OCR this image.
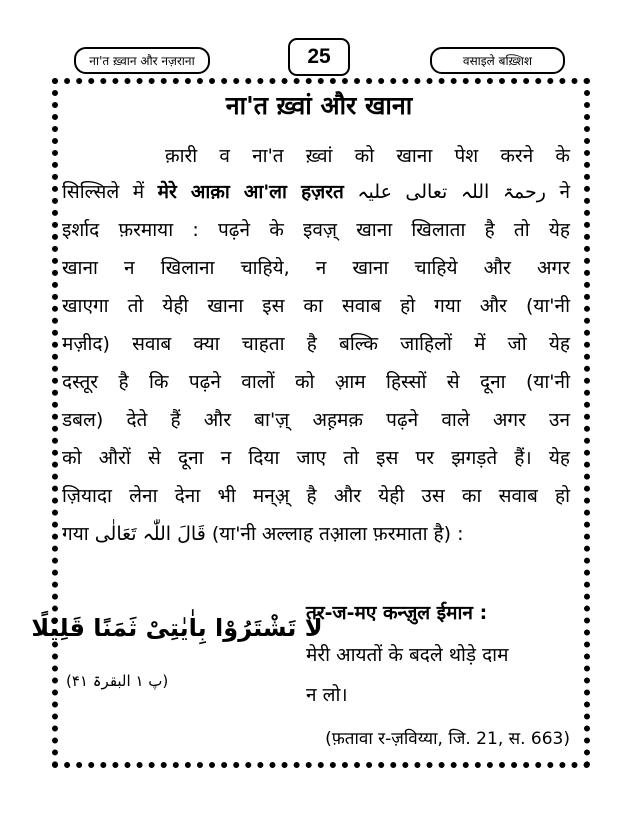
ना'त ख़्वान और नज़राना	25	वसाइले बख़्शिश
ना'त ख़्वां और खाना
क़ारी व ना'त ख़्वां को खाना पेश करने के
सिल्सिले में मेरे आक़ा आ'ला हज़रत رحمۃ اللہ تعالی علیہ ने
इर्शाद फ़रमाया : पढ़ने के इवज़् खाना खिलाता है तो येह
खाना न खिलाना चाहिये, न खाना चाहिये और अगर
खाएगा तो येही खाना इस का सवाब हो गया और (या'नी
मज़ीद) सवाब क्या चाहता है बल्कि जाहिलों में जो येह
दस्तूर है कि पढ़ने वालों को आ़म हिस्सों से दूना (या'नी
डबल) देते हैं और बा'ज़् अह़मक़ पढ़ने वाले अगर उन
को औरों से दूना न दिया जाए तो इस पर झगड़ते हैं। येह
ज़ियादा लेना देना भी मन्अ़् है और येही उस का सवाब हो
गया قَالَ اللّٰہ تَعَالٰی (या'नी अल्लाह तआ़ला फ़रमाता है) :
لَا تَشْتَرُوْا بِاٰیٰتِیْ ثَمَنًا قَلِیْلًا
(پ ۱ البقرۃ ۴۱)
तर-ज-मए कन्ज़ुल ईमान :
मेरी आयतों के बदले थोड़े दाम
न लो।
(फ़तावा र-ज़विय्या, जि. 21, स. 663)
